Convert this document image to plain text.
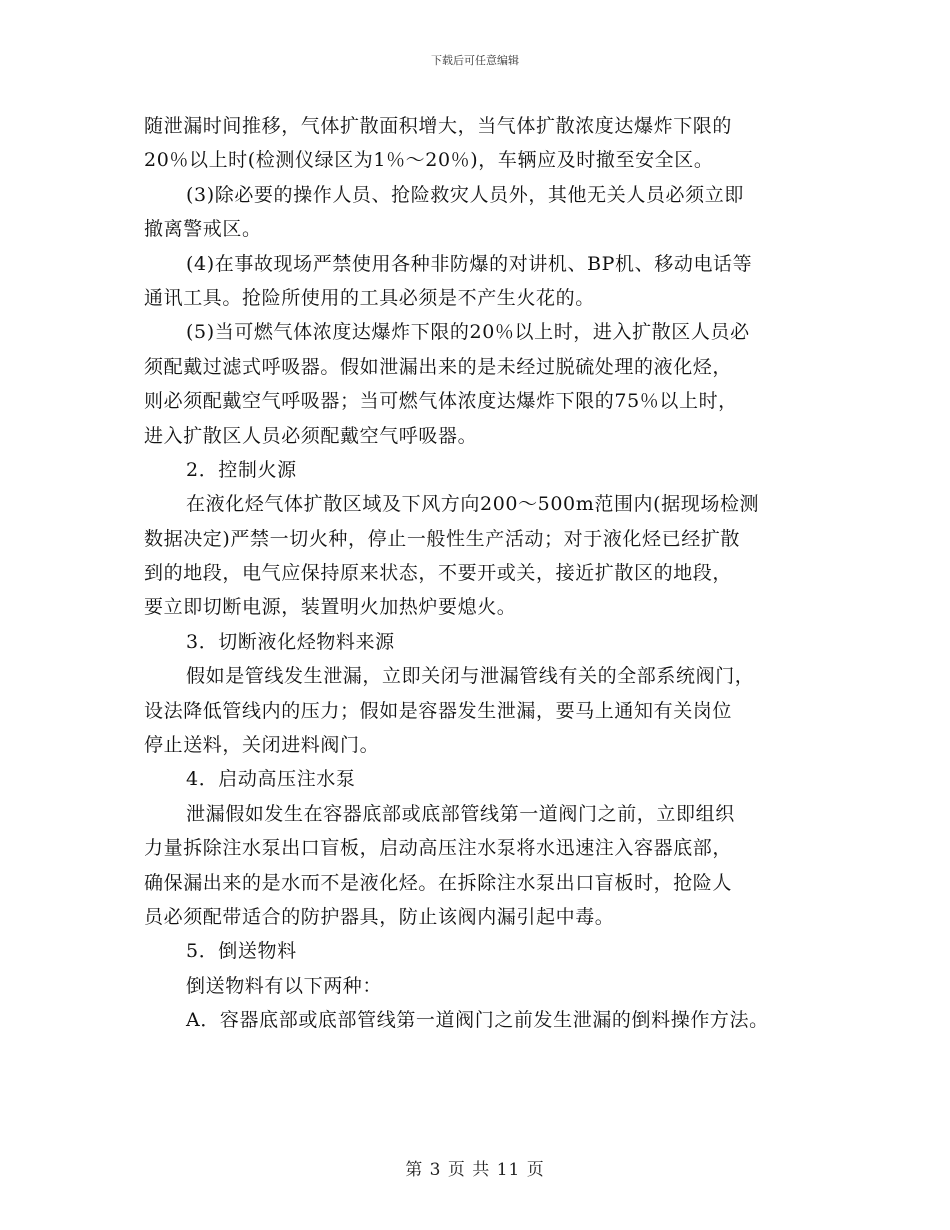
下载后可任意编辑
随泄漏时间推移，气体扩散面积增大，当气体扩散浓度达爆炸下限的
20％以上时(检测仪绿区为1％～20％)，车辆应及时撤至安全区。
(3)除必要的操作人员、抢险救灾人员外，其他无关人员必须立即
撤离警戒区。
(4)在事故现场严禁使用各种非防爆的对讲机、BP机、移动电话等
通讯工具。抢险所使用的工具必须是不产生火花的。
(5)当可燃气体浓度达爆炸下限的20％以上时，进入扩散区人员必
须配戴过滤式呼吸器。假如泄漏出来的是未经过脱硫处理的液化烃，
则必须配戴空气呼吸器；当可燃气体浓度达爆炸下限的75％以上时，
进入扩散区人员必须配戴空气呼吸器。
2．控制火源
在液化烃气体扩散区域及下风方向200～500m范围内(据现场检测
数据决定)严禁一切火种，停止一般性生产活动；对于液化烃已经扩散
到的地段，电气应保持原来状态，不要开或关，接近扩散区的地段，
要立即切断电源，装置明火加热炉要熄火。
3．切断液化烃物料来源
假如是管线发生泄漏，立即关闭与泄漏管线有关的全部系统阀门，
设法降低管线内的压力；假如是容器发生泄漏，要马上通知有关岗位
停止送料，关闭进料阀门。
4．启动高压注水泵
泄漏假如发生在容器底部或底部管线第一道阀门之前，立即组织
力量拆除注水泵出口盲板，启动高压注水泵将水迅速注入容器底部，
确保漏出来的是水而不是液化烃。在拆除注水泵出口盲板时，抢险人
员必须配带适合的防护器具，防止该阀内漏引起中毒。
5．倒送物料
倒送物料有以下两种：
A．容器底部或底部管线第一道阀门之前发生泄漏的倒料操作方法。
第 3 页 共 11 页
